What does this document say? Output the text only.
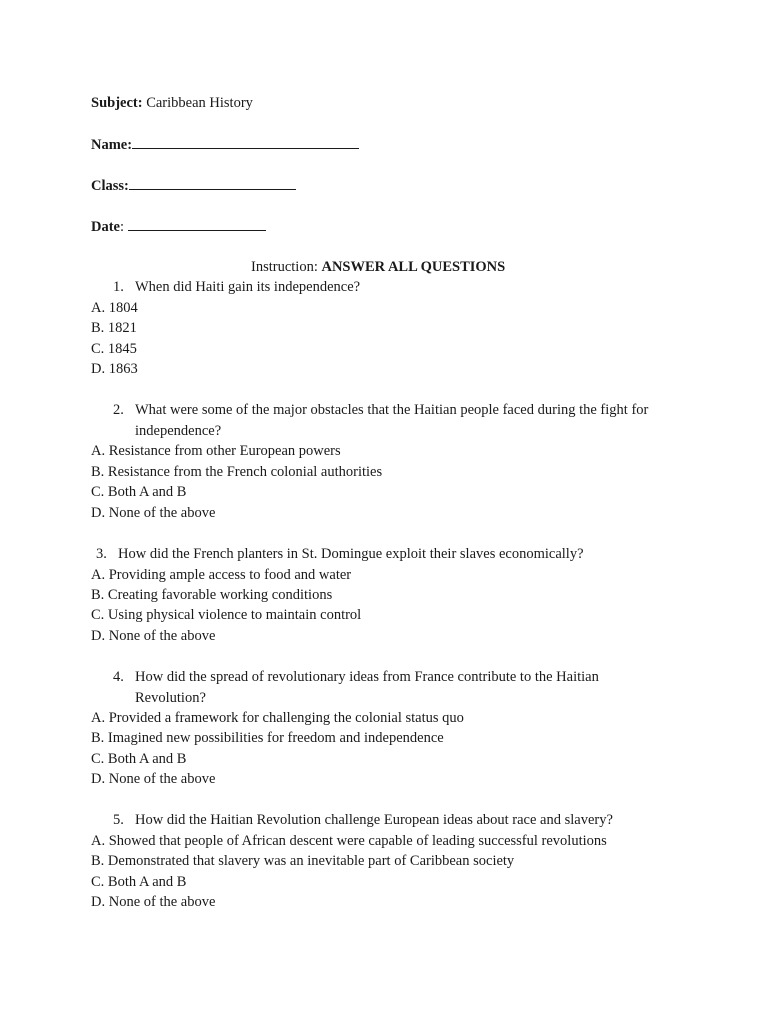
Subject: Caribbean History
Name:
Class:
Date:
Instruction: ANSWER ALL QUESTIONS
1. When did Haiti gain its independence?
A. 1804
B. 1821
C. 1845
D. 1863
2. What were some of the major obstacles that the Haitian people faced during the fight for
independence?
A. Resistance from other European powers
B. Resistance from the French colonial authorities
C. Both A and B
D. None of the above
3. How did the French planters in St. Domingue exploit their slaves economically?
A. Providing ample access to food and water
B. Creating favorable working conditions
C. Using physical violence to maintain control
D. None of the above
4. How did the spread of revolutionary ideas from France contribute to the Haitian
Revolution?
A. Provided a framework for challenging the colonial status quo
B. Imagined new possibilities for freedom and independence
C. Both A and B
D. None of the above
5. How did the Haitian Revolution challenge European ideas about race and slavery?
A. Showed that people of African descent were capable of leading successful revolutions
B. Demonstrated that slavery was an inevitable part of Caribbean society
C. Both A and B
D. None of the above
